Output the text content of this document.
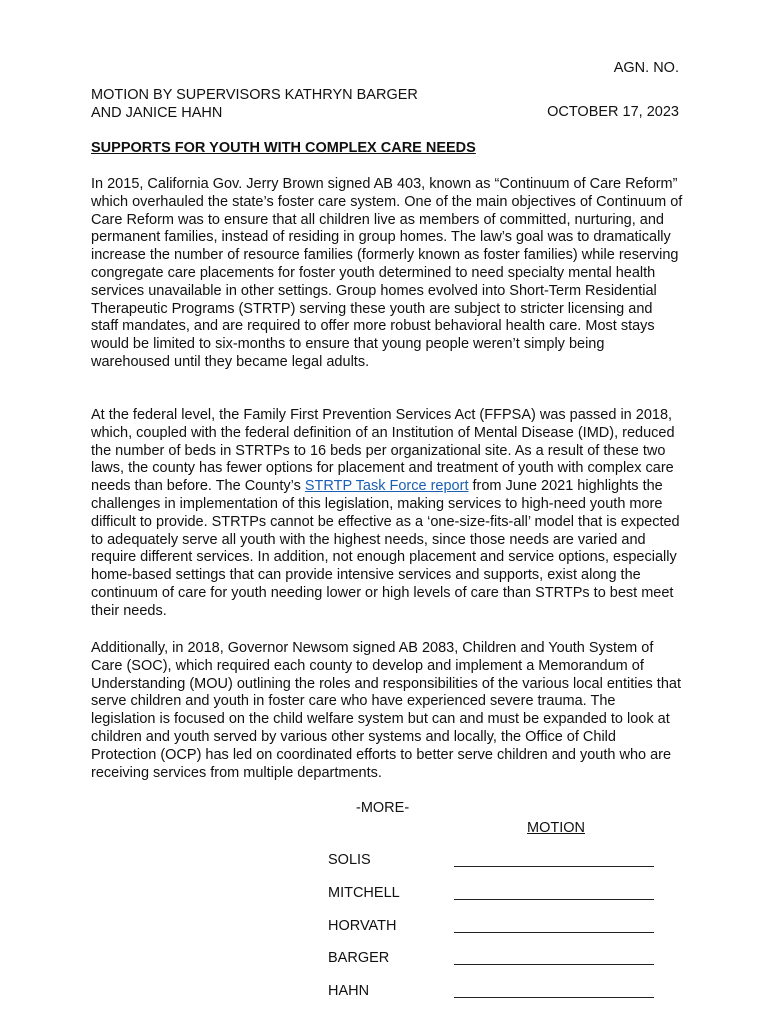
AGN. NO.
MOTION BY SUPERVISORS KATHRYN BARGER
AND JANICE HAHN	OCTOBER 17, 2023
SUPPORTS FOR YOUTH WITH COMPLEX CARE NEEDS

In 2015, California Gov. Jerry Brown signed AB 403, known as “Continuum of Care Reform” which overhauled the state’s foster care system. One of the main objectives of Continuum of Care Reform was to ensure that all children live as members of committed, nurturing, and permanent families, instead of residing in group homes. The law’s goal was to dramatically increase the number of resource families (formerly known as foster families) while reserving congregate care placements for foster youth determined to need specialty mental health services unavailable in other settings. Group homes evolved into Short-Term Residential Therapeutic Programs (STRTP) serving these youth are subject to stricter licensing and staff mandates, and are required to offer more robust behavioral health care. Most stays would be limited to six-months to ensure that young people weren’t simply being warehoused until they became legal adults.

At the federal level, the Family First Prevention Services Act (FFPSA) was passed in 2018, which, coupled with the federal definition of an Institution of Mental Disease (IMD), reduced the number of beds in STRTPs to 16 beds per organizational site. As a result of these two laws, the county has fewer options for placement and treatment of youth with complex care needs than before. The County’s STRTP Task Force report from June 2021 highlights the challenges in implementation of this legislation, making services to high-need youth more difficult to provide. STRTPs cannot be effective as a ‘one-size-fits-all’ model that is expected to adequately serve all youth with the highest needs, since those needs are varied and require different services. In addition, not enough placement and service options, especially home-based settings that can provide intensive services and supports, exist along the continuum of care for youth needing lower or high levels of care than STRTPs to best meet their needs.

Additionally, in 2018, Governor Newsom signed AB 2083, Children and Youth System of Care (SOC), which required each county to develop and implement a Memorandum of Understanding (MOU) outlining the roles and responsibilities of the various local entities that serve children and youth in foster care who have experienced severe trauma. The legislation is focused on the child welfare system but can and must be expanded to look at children and youth served by various other systems and locally, the Office of Child Protection (OCP) has led on coordinated efforts to better serve children and youth who are receiving services from multiple departments.

-MORE-
MOTION
SOLIS
MITCHELL
HORVATH
BARGER
HAHN
